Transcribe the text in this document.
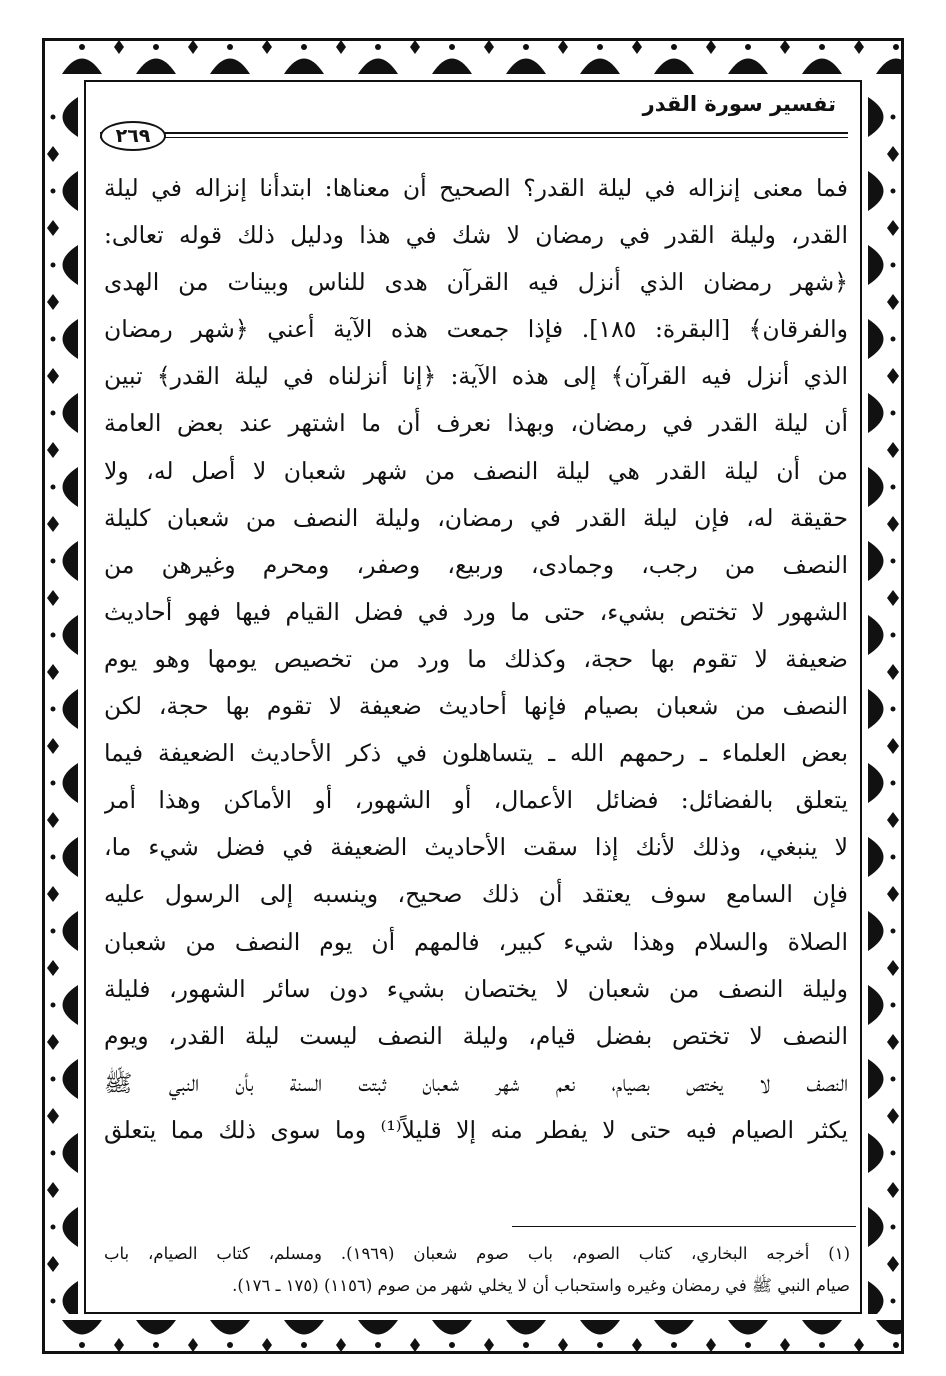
تفسير سورة القدر
٢٦٩
فما معنى إنزاله في ليلة القدر؟ الصحيح أن معناها: ابتدأنا إنزاله في ليلة
القدر، وليلة القدر في رمضان لا شك في هذا ودليل ذلك قوله تعالى:
﴿شهر رمضان الذي أنزل فيه القرآن هدى للناس وبينات من الهدى
والفرقان﴾ [البقرة: ١٨٥]. فإذا جمعت هذه الآية أعني ﴿شهر رمضان
الذي أنزل فيه القرآن﴾ إلى هذه الآية: ﴿إنا أنزلناه في ليلة القدر﴾ تبين
أن ليلة القدر في رمضان، وبهذا نعرف أن ما اشتهر عند بعض العامة
من أن ليلة القدر هي ليلة النصف من شهر شعبان لا أصل له، ولا
حقيقة له، فإن ليلة القدر في رمضان، وليلة النصف من شعبان كليلة
النصف من رجب، وجمادى، وربيع، وصفر، ومحرم وغيرهن من
الشهور لا تختص بشيء، حتى ما ورد في فضل القيام فيها فهو أحاديث
ضعيفة لا تقوم بها حجة، وكذلك ما ورد من تخصيص يومها وهو يوم
النصف من شعبان بصيام فإنها أحاديث ضعيفة لا تقوم بها حجة، لكن
بعض العلماء ـ رحمهم الله ـ يتساهلون في ذكر الأحاديث الضعيفة فيما
يتعلق بالفضائل: فضائل الأعمال، أو الشهور، أو الأماكن وهذا أمر
لا ينبغي، وذلك لأنك إذا سقت الأحاديث الضعيفة في فضل شيء ما،
فإن السامع سوف يعتقد أن ذلك صحيح، وينسبه إلى الرسول عليه
الصلاة والسلام وهذا شيء كبير، فالمهم أن يوم النصف من شعبان
وليلة النصف من شعبان لا يختصان بشيء دون سائر الشهور، فليلة
النصف لا تختص بفضل قيام، وليلة النصف ليست ليلة القدر، ويوم
النصف لا يختص بصيام، نعم شهر شعبان ثبتت السنة بأن النبي ﷺ
يكثر الصيام فيه حتى لا يفطر منه إلا قليلاً⁽¹⁾ وما سوى ذلك مما يتعلق
(١) أخرجه البخاري، كتاب الصوم، باب صوم شعبان (١٩٦٩). ومسلم، كتاب الصيام، باب
صيام النبي ﷺ في رمضان وغيره واستحباب أن لا يخلي شهر من صوم (١١٥٦) (١٧٥ ـ ١٧٦).
